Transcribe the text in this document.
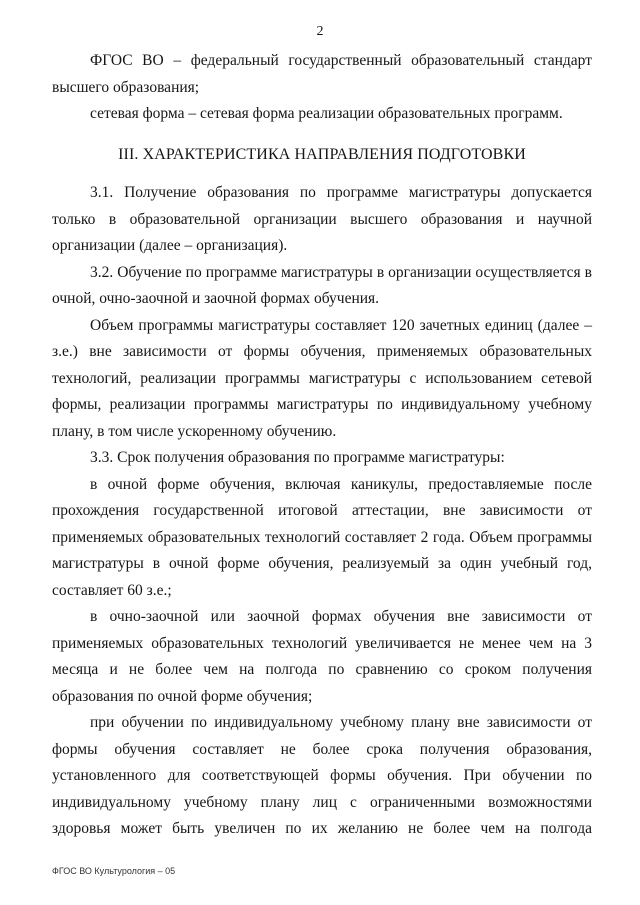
2

ФГОС ВО – федеральный государственный образовательный стандарт высшего образования;

сетевая форма – сетевая форма реализации образовательных программ.

III. ХАРАКТЕРИСТИКА НАПРАВЛЕНИЯ ПОДГОТОВКИ

3.1. Получение образования по программе магистратуры допускается только в образовательной организации высшего образования и научной организации (далее – организация).

3.2. Обучение по программе магистратуры в организации осуществляется в очной, очно-заочной и заочной формах обучения.

Объем программы магистратуры составляет 120 зачетных единиц (далее – з.е.) вне зависимости от формы обучения, применяемых образовательных технологий, реализации программы магистратуры с использованием сетевой формы, реализации программы магистратуры по индивидуальному учебному плану, в том числе ускоренному обучению.

3.3. Срок получения образования по программе магистратуры:

в очной форме обучения, включая каникулы, предоставляемые после прохождения государственной итоговой аттестации, вне зависимости от применяемых образовательных технологий составляет 2 года. Объем программы магистратуры в очной форме обучения, реализуемый за один учебный год, составляет 60 з.е.;

в очно-заочной или заочной формах обучения вне зависимости от применяемых образовательных технологий увеличивается не менее чем на 3 месяца и не более чем на полгода по сравнению со сроком получения образования по очной форме обучения;

при обучении по индивидуальному учебному плану вне зависимости от формы обучения составляет не более срока получения образования, установленного для соответствующей формы обучения. При обучении по индивидуальному учебному плану лиц с ограниченными возможностями здоровья может быть увеличен по их желанию не более чем на полгода

ФГОС ВО Культурология – 05
